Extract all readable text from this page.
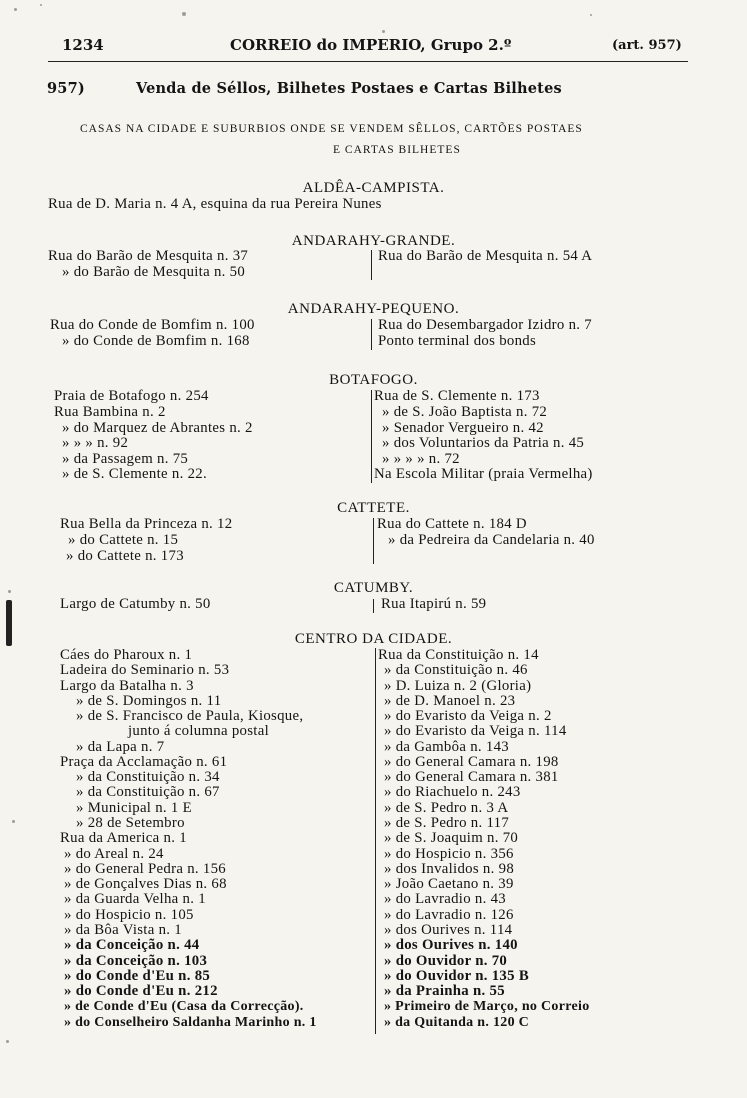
1234	CORREIO do IMPERIO, Grupo 2.º	(art. 957)
957)	Venda de Séllos, Bilhetes Postaes e Cartas Bilhetes
CASAS NA CIDADE E SUBURBIOS ONDE SE VENDEM SÊLLOS, CARTÕES POSTAES
E CARTAS BILHETES
ALDÊA-CAMPISTA.
Rua de D. Maria n. 4 A, esquina da rua Pereira Nunes
ANDARAHY-GRANDE.
Rua do Barão de Mesquita n. 37
» do Barão de Mesquita n. 50
Rua do Barão de Mesquita n. 54 A
ANDARAHY-PEQUENO.
Rua do Conde de Bomfim n. 100
» do Conde de Bomfim n. 168
Rua do Desembargador Izidro n. 7
Ponto terminal dos bonds
BOTAFOGO.
Praia de Botafogo n. 254
Rua Bambina n. 2
» do Marquez de Abrantes n. 2
» » » n. 92
» da Passagem n. 75
» de S. Clemente n. 22.
Rua de S. Clemente n. 173
» de S. João Baptista n. 72
» Senador Vergueiro n. 42
» dos Voluntarios da Patria n. 45
» » » » n. 72
Na Escola Militar (praia Vermelha)
CATTETE.
Rua Bella da Princeza n. 12
» do Cattete n. 15
» do Cattete n. 173
Rua do Cattete n. 184 D
» da Pedreira da Candelaria n. 40
CATUMBY.
Largo de Catumby n. 50	Rua Itapirú n. 59
CENTRO DA CIDADE.
Cáes do Pharoux n. 1
Ladeira do Seminario n. 53
Largo da Batalha n. 3
» de S. Domingos n. 11
» de S. Francisco de Paula, Kiosque,
junto á columna postal
» da Lapa n. 7
Praça da Acclamação n. 61
» da Constituição n. 34
» da Constituição n. 67
» Municipal n. 1 E
» 28 de Setembro
Rua da America n. 1
» do Areal n. 24
» do General Pedra n. 156
» de Gonçalves Dias n. 68
» da Guarda Velha n. 1
» do Hospicio n. 105
» da Bôa Vista n. 1
» da Conceição n. 44
» da Conceição n. 103
» do Conde d'Eu n. 85
» do Conde d'Eu n. 212
» de Conde d'Eu (Casa da Correcção).
» do Conselheiro Saldanha Marinho n. 1
Rua da Constituição n. 14
» da Constituição n. 46
» D. Luiza n. 2 (Gloria)
» de D. Manoel n. 23
» do Evaristo da Veiga n. 2
» do Evaristo da Veiga n. 114
» da Gambôa n. 143
» do General Camara n. 198
» do General Camara n. 381
» do Riachuelo n. 243
» de S. Pedro n. 3 A
» de S. Pedro n. 117
» de S. Joaquim n. 70
» do Hospicio n. 356
» dos Invalidos n. 98
» João Caetano n. 39
» do Lavradio n. 43
» do Lavradio n. 126
» dos Ourives n. 114
» dos Ourives n. 140
» do Ouvidor n. 70
» do Ouvidor n. 135 B
» da Prainha n. 55
» Primeiro de Março, no Correio
» da Quitanda n. 120 C
